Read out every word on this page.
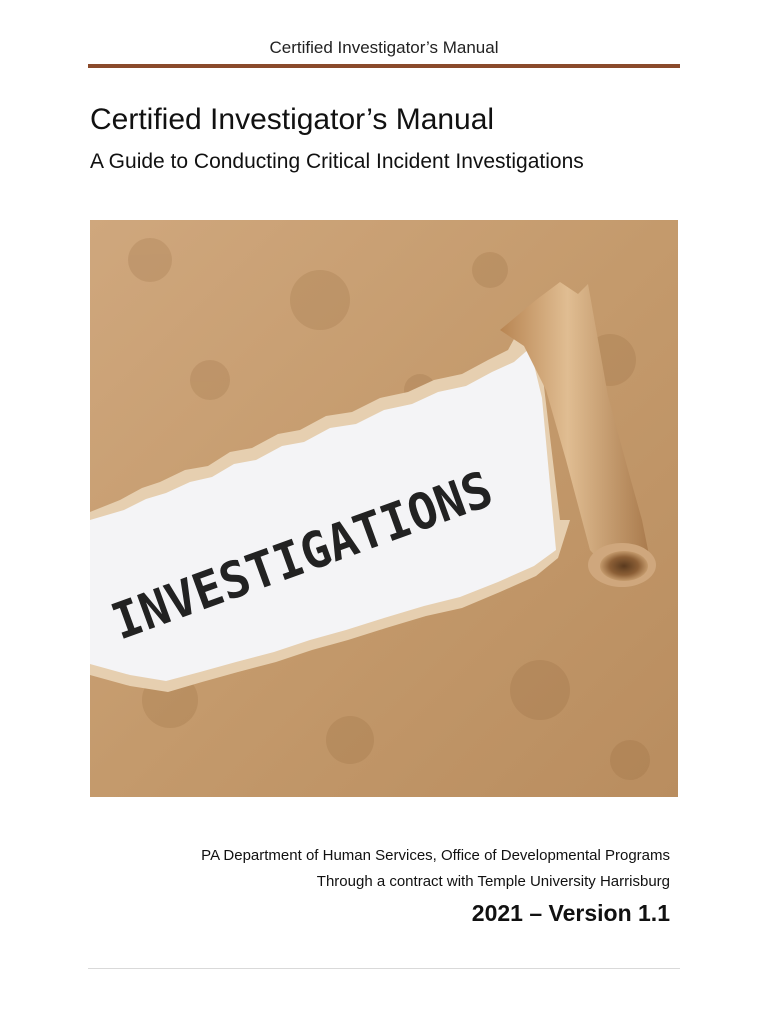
Certified Investigator’s Manual
Certified Investigator’s Manual
A Guide to Conducting Critical Incident Investigations
INVESTIGATIONS
PA Department of Human Services, Office of Developmental Programs
Through a contract with Temple University Harrisburg
2021 – Version 1.1
